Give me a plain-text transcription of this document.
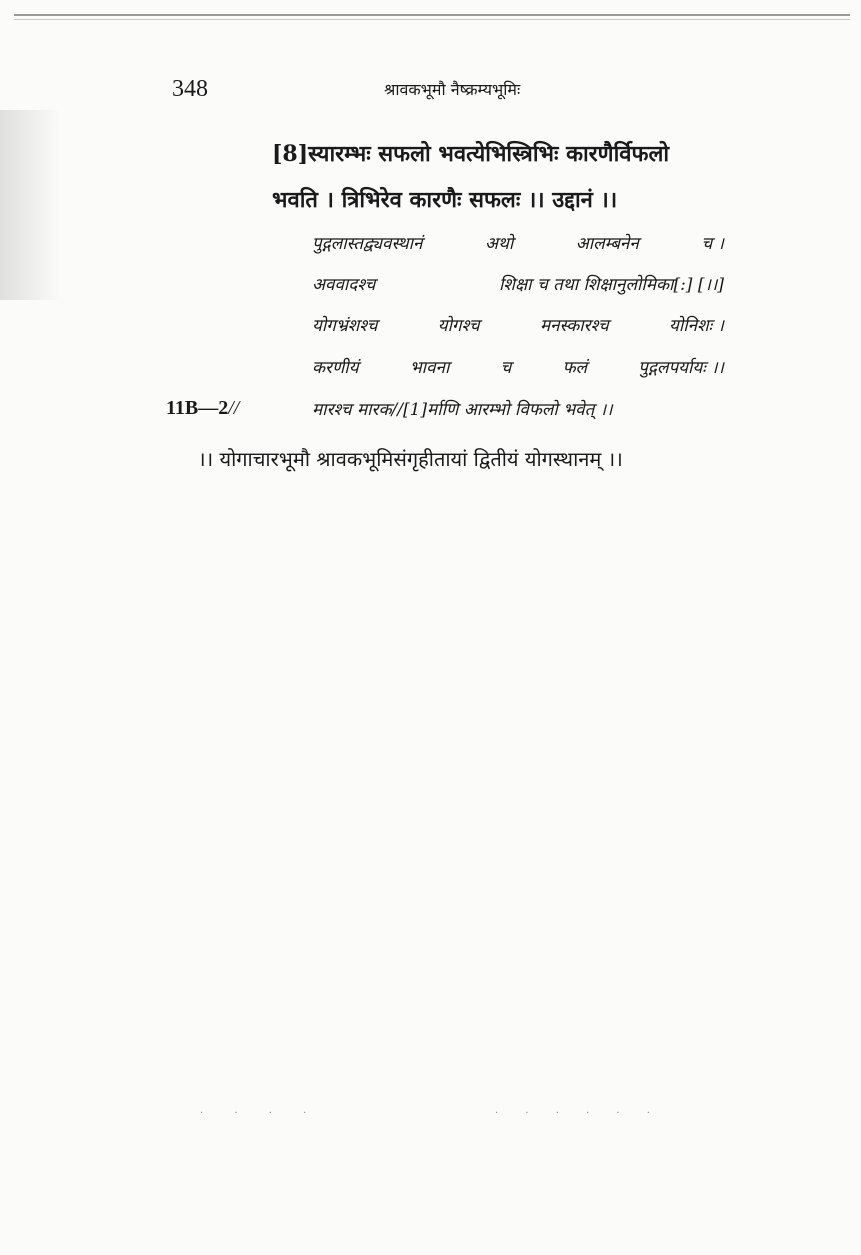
348	श्रावकभूमौ नैष्क्रम्यभूमिः
[8]स्यारम्भः सफलो भवत्येभिस्त्रिभिः कारणैर्विफलो
भवति । त्रिभिरेव कारणैः सफलः ।। उद्दानं ।।
पुद्गलास्तद्व्यवस्थानं	अथो	आलम्बनेन	च ।
अववादश्च	शिक्षा च तथा शिक्षानुलोमिका[:] [।।]
योगभ्रंशश्च	योगश्च	मनस्कारश्च	योनिशः ।
करणीयं	भावना	च	फलं	पुद्गलपर्यायः ।।
मारश्च मारक//[1]र्माणि आरम्भो विफलो भवेत् ।।
11B—2//
।। योगाचारभूमौ श्रावकभूमिसंगृहीतायां द्वितीयं योगस्थानम् ।।
· · · ·	· · · · · ·
